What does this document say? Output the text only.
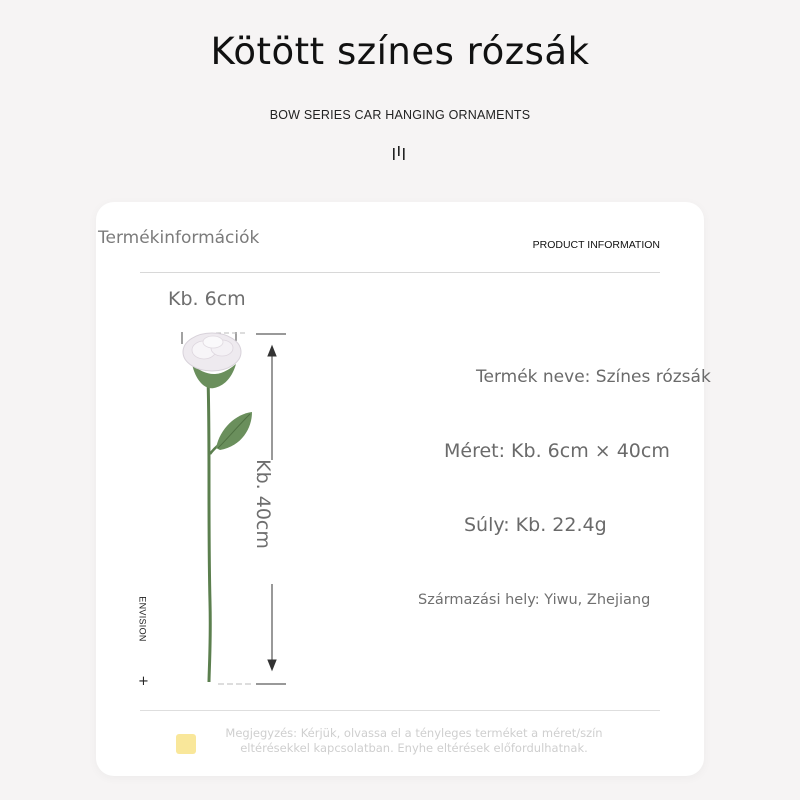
Kötött színes rózsák
BOW SERIES CAR HANGING ORNAMENTS
Termékinformációk	PRODUCT INFORMATION
Kb. 6cm
Kb. 40cm
ENVISION
+
Termék neve: Színes rózsák
Méret: Kb. 6cm × 40cm
Súly: Kb. 22.4g
Származási hely: Yiwu, Zhejiang
Megjegyzés: Kérjük, olvassa el a tényleges terméket a méret/szín eltérésekkel kapcsolatban. Enyhe eltérések előfordulhatnak.
